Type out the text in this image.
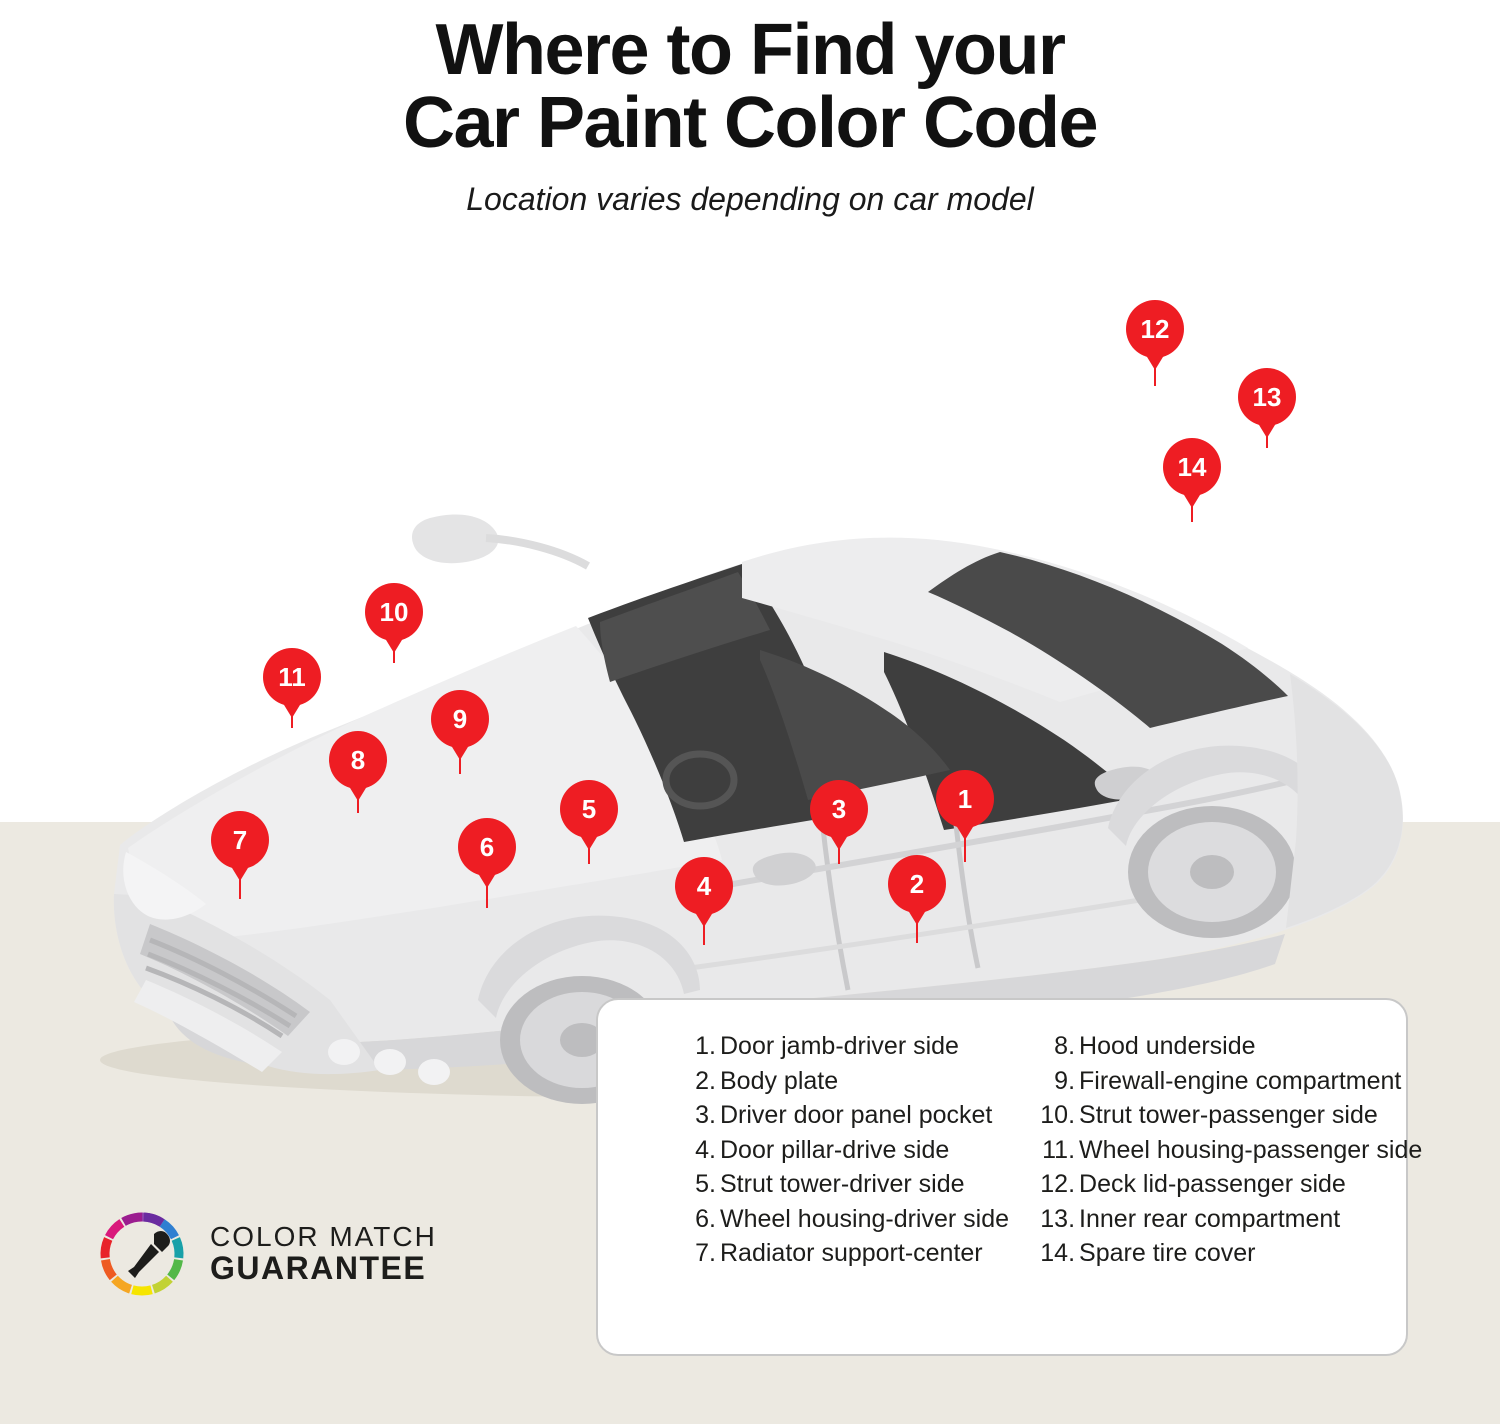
Where to Find your
Car Paint Color Code
Location varies depending on car model
1
2
3
4
5
6
7
8
9
10
11
12
13
14
1. Door jamb-driver side
2. Body plate
3. Driver door panel pocket
4. Door pillar-drive side
5. Strut tower-driver side
6. Wheel housing-driver side
7. Radiator support-center
8. Hood underside
9. Firewall-engine compartment
10. Strut tower-passenger side
11. Wheel housing-passenger side
12. Deck lid-passenger side
13. Inner rear compartment
14. Spare tire cover
COLOR MATCH
GUARANTEE
